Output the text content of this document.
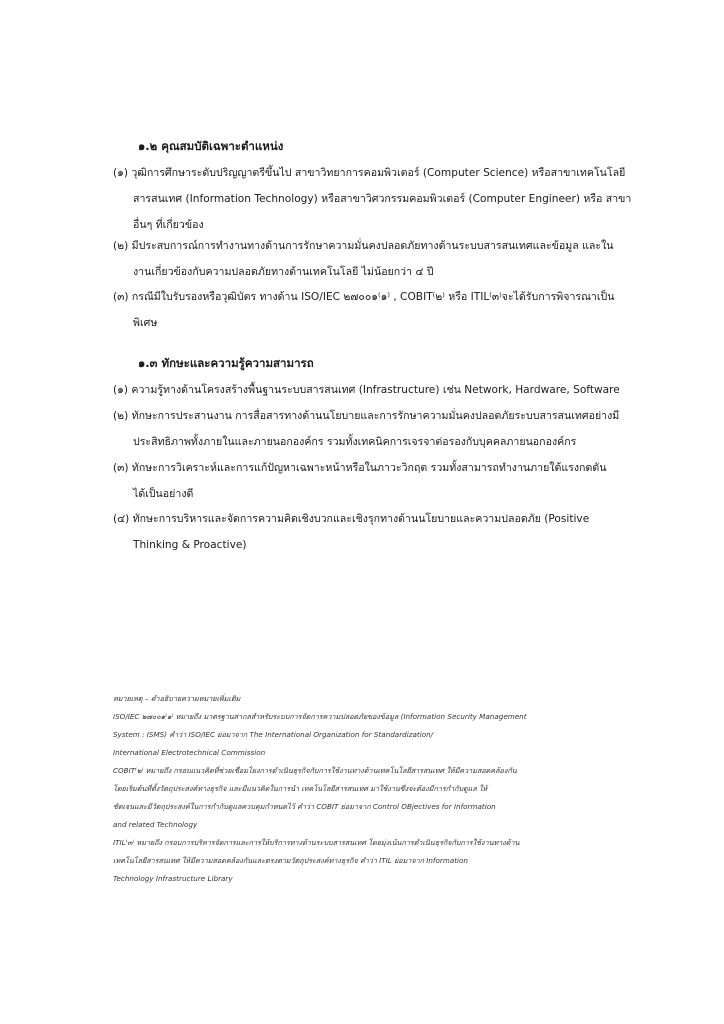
๑.๒ คุณสมบัติเฉพาะตำแหน่ง
(๑) วุฒิการศึกษาระดับปริญญาตรีขึ้นไป สาขาวิทยาการคอมพิวเตอร์ (Computer Science) หรือสาขาเทคโนโลยี
สารสนเทศ (Information Technology) หรือสาขาวิศวกรรมคอมพิวเตอร์ (Computer Engineer) หรือ สาขา
อื่นๆ ที่เกี่ยวข้อง
(๒) มีประสบการณ์การทำงานทางด้านการรักษาความมั่นคงปลอดภัยทางด้านระบบสารสนเทศและข้อมูล และใน
งานเกี่ยวข้องกับความปลอดภัยทางด้านเทคโนโลยี ไม่น้อยกว่า ๔ ปี
(๓) กรณีมีใบรับรองหรือวุฒิบัตร ทางด้าน ISO/IEC ๒๗๐๐๑⁽๑⁾ , COBIT⁽๒⁾ หรือ ITIL⁽๓⁾จะได้รับการพิจารณาเป็น
พิเศษ
๑.๓ ทักษะและความรู้ความสามารถ
(๑) ความรู้ทางด้านโครงสร้างพื้นฐานระบบสารสนเทศ (Infrastructure) เช่น Network, Hardware, Software
(๒) ทักษะการประสานงาน การสื่อสารทางด้านนโยบายและการรักษาความมั่นคงปลอดภัยระบบสารสนเทศอย่างมี
ประสิทธิภาพทั้งภายในและภายนอกองค์กร รวมทั้งเทคนิคการเจรจาต่อรองกับบุคคลภายนอกองค์กร
(๓) ทักษะการวิเคราะห์และการแก้ปัญหาเฉพาะหน้าหรือในภาวะวิกฤต รวมทั้งสามารถทำงานภายใต้แรงกดดัน
ได้เป็นอย่างดี
(๔) ทักษะการบริหารและจัดการความคิดเชิงบวกและเชิงรุกทางด้านนโยบายและความปลอดภัย (Positive
Thinking & Proactive)
หมายเหตุ – คำอธิบายความหมายเพิ่มเติม
ISO/IEC ๒๗๐๐๑⁽๑⁾ หมายถึง มาตรฐานสากลสำหรับระบบการจัดการความปลอดภัยของข้อมูล (Information Security Management
System : ISMS) คำว่า ISO/IEC ย่อมาจาก The International Organization for Standardization/
International Electrotechnical Commission
COBIT⁽๒⁾ หมายถึง กรอบแนวคิดที่ช่วยเชื่อมโยงการดำเนินธุรกิจกับการใช้งานทางด้านเทคโนโลยีสารสนเทศ ให้มีความสอดคล้องกัน
โดยเริ่มต้นที่ตั้งวัตถุประสงค์ทางธุรกิจ และมีแนวคิดในการนำ เทคโนโลยีสารสนเทศ มาใช้งานซึ่งจะต้องมีการกำกับดูแล ให้
ชัดเจนและมีวัตถุประสงค์ในการกำกับดูแลควบคุมกำหนดไว้ คำว่า COBIT ย่อมาจาก Control OBjectives for Information
and related Technology
ITIL⁽๓⁾ หมายถึง กรอบการบริหารจัดการและการให้บริการทางด้านระบบสารสนเทศ โดยมุ่งเน้นการดำเนินธุรกิจกับการใช้งานทางด้าน
เทคโนโลยีสารสนเทศ ให้มีความสอดคล้องกันและตรงตามวัตถุประสงค์ทางธุรกิจ คำว่า ITIL ย่อมาจาก Information
Technology Infrastructure Library
